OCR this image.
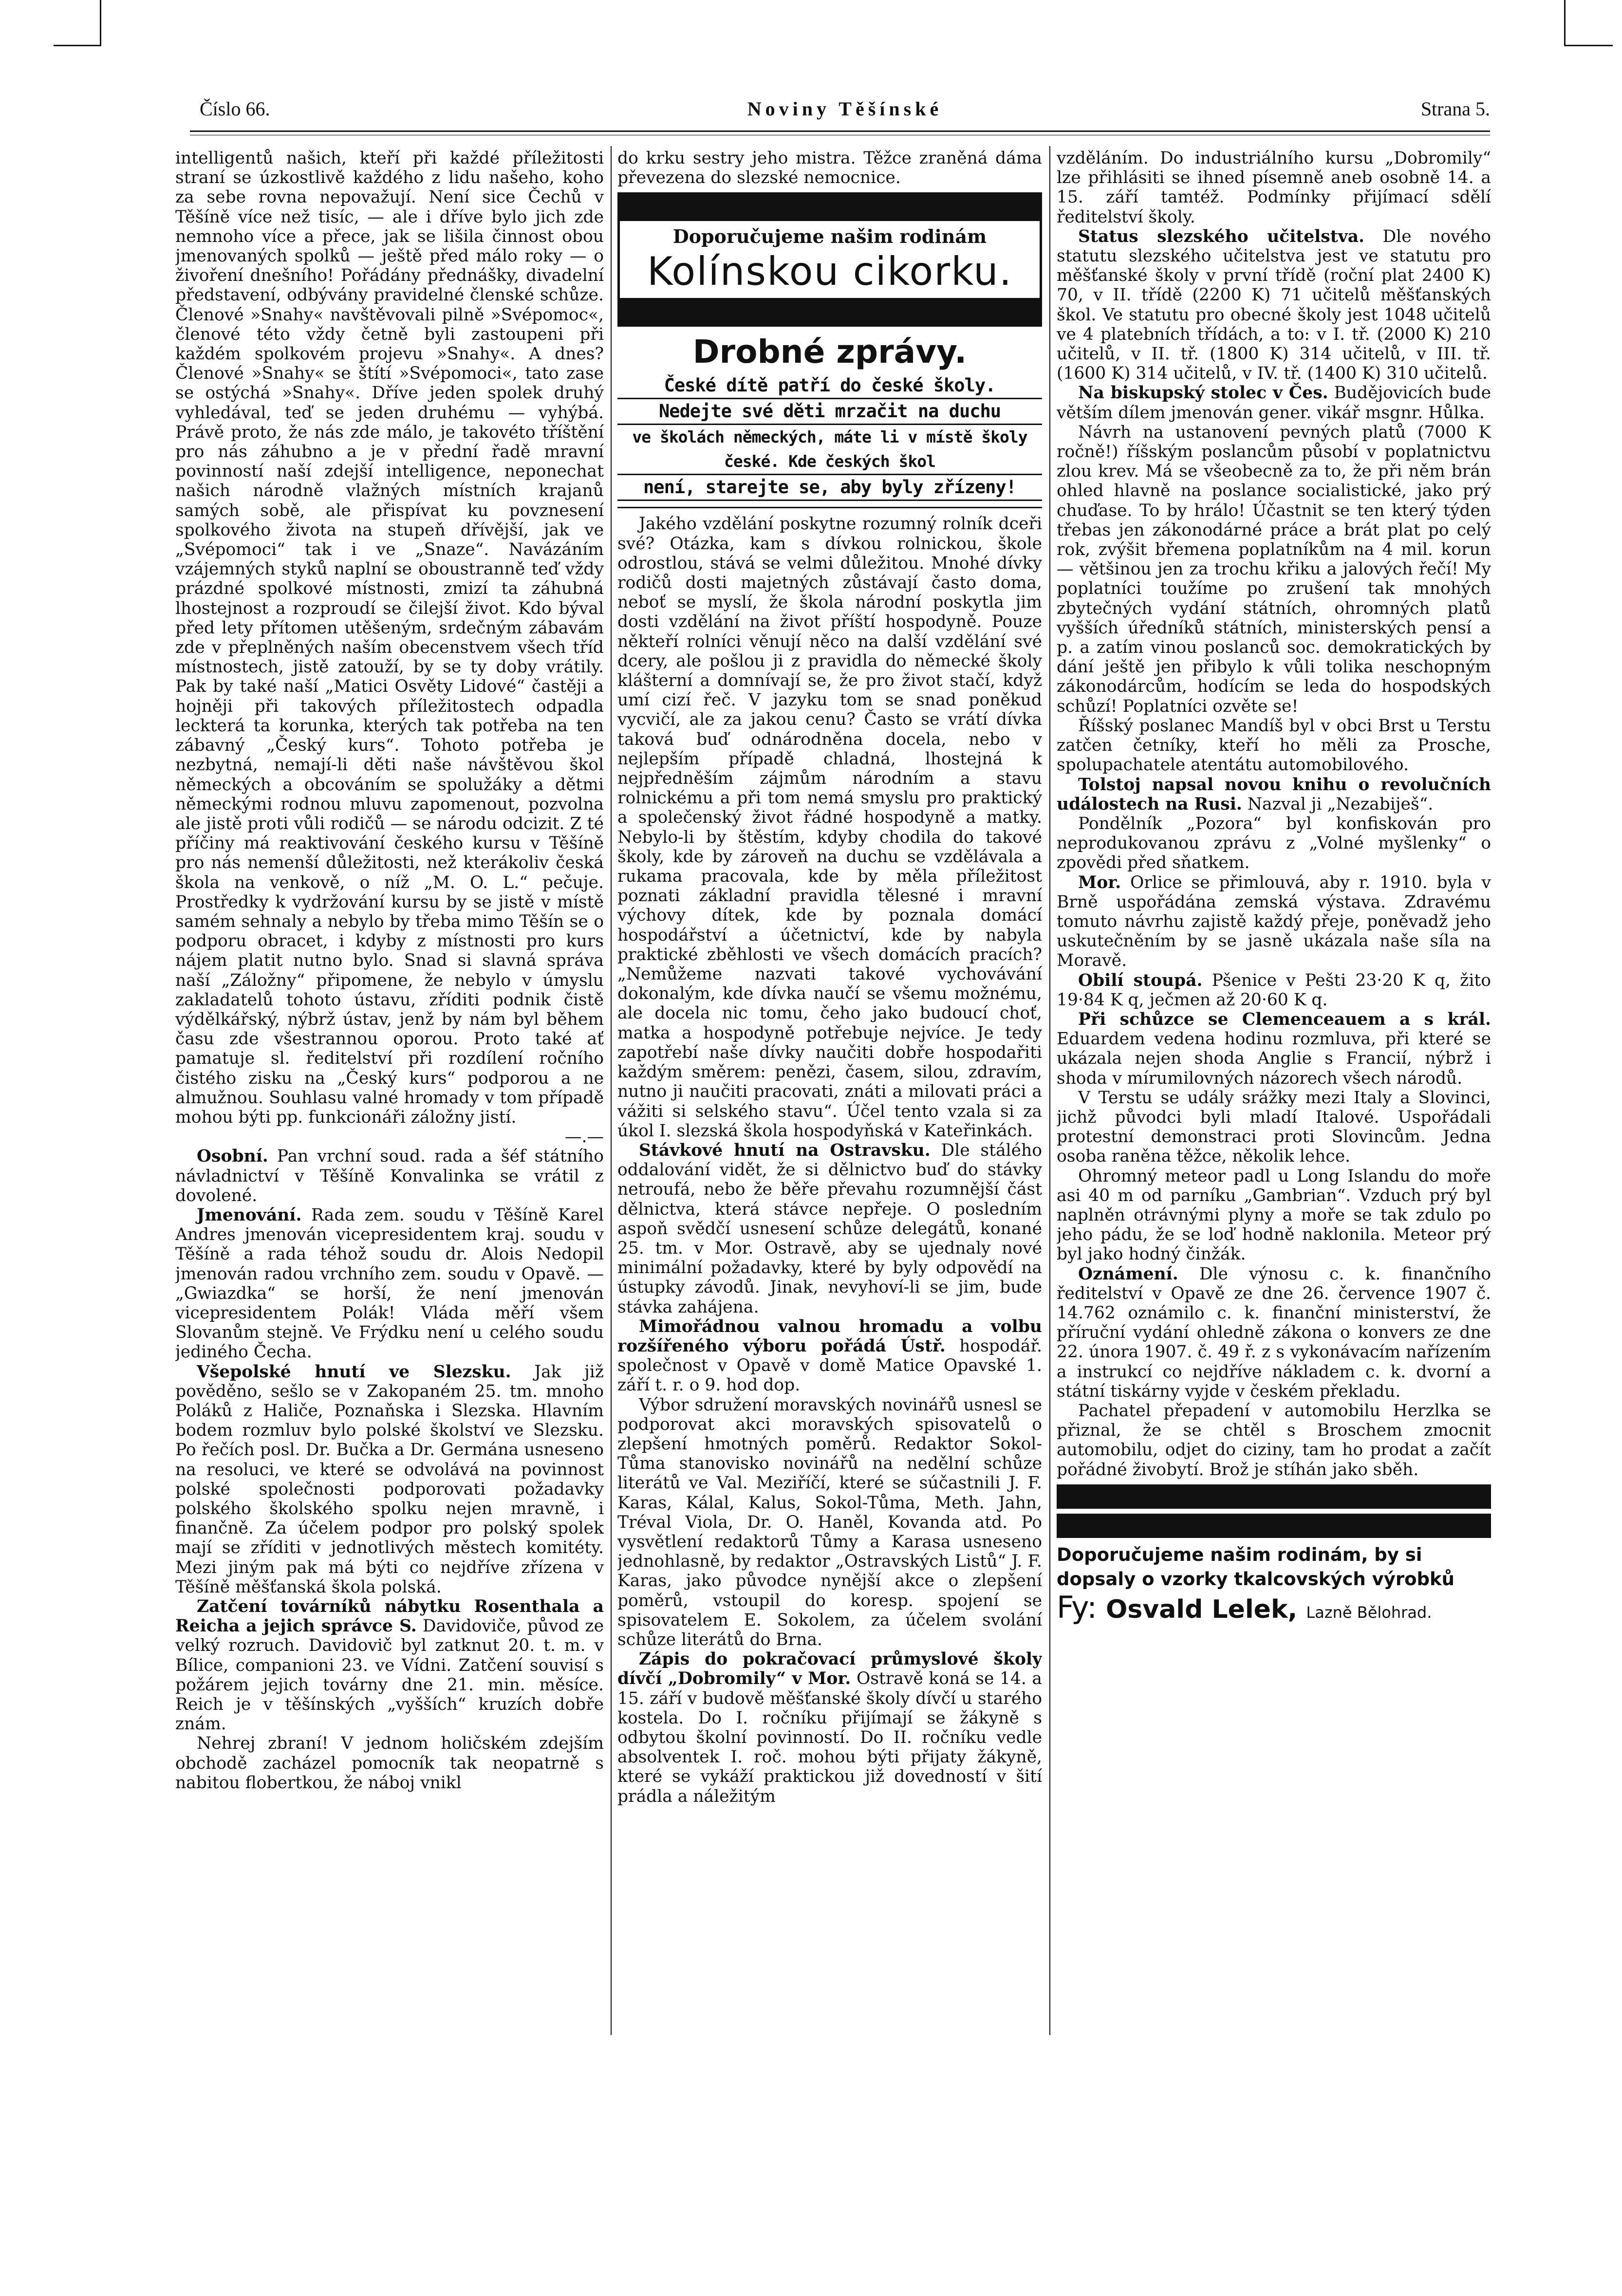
Číslo 66.	Noviny Těšínské	Strana 5.

intelligentů našich, kteří při každé příležitosti straní se úzkostlivě každého z lidu našeho, koho za sebe rovna nepovažují. Není sice Čechů v Těšíně více než tisíc, — ale i dříve bylo jich zde nemnoho více a přece, jak se lišila činnost obou jmenovaných spolků — ještě před málo roky — o živoření dnešního! Pořádány přednášky, divadelní představení, odbývány pravidelné členské schůze. Členové »Snahy« navštěvovali pilně »Svépomoc«, členové této vždy četně byli zastoupeni při každém spolkovém projevu »Snahy«. A dnes? Členové »Snahy« se štítí »Svépomoci«, tato zase se ostýchá »Snahy«. Dříve jeden spolek druhý vyhledával, teď se jeden druhému — vyhýbá. Právě proto, že nás zde málo, je takovéto tříštění pro nás záhubno a je v přední řadě mravní povinností naší zdejší intelligence, neponechat našich národně vlažných místních krajanů samých sobě, ale přispívat ku povznesení spolkového života na stupeň dřívější, jak ve „Svépomoci“ tak i ve „Snaze“. Navázáním vzájemných styků naplní se oboustranně teď vždy prázdné spolkové místnosti, zmizí ta záhubná lhostejnost a rozproudí se čilejší život. Kdo býval před lety přítomen utěšeným, srdečným zábavám zde v přeplněných naším obecenstvem všech tříd místnostech, jistě zatouží, by se ty doby vrátily. Pak by také naší „Matici Osvěty Lidové“ častěji a hojněji při takových příležitostech odpadla leckterá ta korunka, kterých tak potřeba na ten zábavný „Český kurs“. Tohoto potřeba je nezbytná, nemají-li děti naše návštěvou škol německých a obcováním se spolužáky a dětmi německými rodnou mluvu zapomenout, pozvolna ale jistě proti vůli rodičů — se národu odcizit. Z té příčiny má reaktivování českého kursu v Těšíně pro nás nemenší důležitosti, než kterákoliv česká škola na venkově, o níž „M. O. L.“ pečuje. Prostředky k vydržování kursu by se jistě v místě samém sehnaly a nebylo by třeba mimo Těšín se o podporu obracet, i kdyby z místnosti pro kurs nájem platit nutno bylo. Snad si slavná správa naší „Záložny“ připomene, že nebylo v úmyslu zakladatelů tohoto ústavu, zříditi podnik čistě výdělkářský, nýbrž ústav, jenž by nám byl během času zde všestrannou oporou. Proto také ať pamatuje sl. ředitelství při rozdílení ročního čistého zisku na „Český kurs“ podporou a ne almužnou. Souhlasu valné hromady v tom případě mohou býti pp. funkcionáři záložny jistí.

—.—

Osobní. Pan vrchní soud. rada a šéf státního návladnictví v Těšíně Konvalinka se vrátil z dovolené.

Jmenování. Rada zem. soudu v Těšíně Karel Andres jmenován vicepresidentem kraj. soudu v Těšíně a rada téhož soudu dr. Alois Nedopil jmenován radou vrchního zem. soudu v Opavě. — „Gwiazdka“ se horší, že není jmenován vicepresidentem Polák! Vláda měří všem Slovanům stejně. Ve Frýdku není u celého soudu jediného Čecha.

Všepolské hnutí ve Slezsku. Jak již pověděno, sešlo se v Zakopaném 25. tm. mnoho Poláků z Haliče, Poznaňska i Slezska. Hlavním bodem rozmluv bylo polské školství ve Slezsku. Po řečích posl. Dr. Bučka a Dr. Germána usneseno na resoluci, ve které se odvolává na povinnost polské společnosti podporovati požadavky polského školského spolku nejen mravně, i finančně. Za účelem podpor pro polský spolek mají se zříditi v jednotlivých městech komitéty. Mezi jiným pak má býti co nejdříve zřízena v Těšíně měšťanská škola polská.

Zatčení továrníků nábytku Rosenthala a Reicha a jejich správce S. Davidoviče, původ ze velký rozruch. Davidovič byl zatknut 20. t. m. v Bílice, companioni 23. ve Vídni. Zatčení souvisí s požárem jejich továrny dne 21. min. měsíce. Reich je v těšínských „vyšších“ kruzích dobře znám.

Nehrej zbraní! V jednom holičském zdejším obchodě zacházel pomocník tak neopatrně s nabitou flobertkou, že náboj vnikl

do krku sestry jeho mistra. Těžce zraněná dáma převezena do slezské nemocnice.

Doporučujeme našim rodinám
Kolínskou cikorku.
Drobné zprávy.
České dítě patří do české školy.
Nedejte své děti mrzačit na duchu
ve školách německých, máte li v místě školy české. Kde českých škol
není, starejte se, aby byly zřízeny!

Jakého vzdělání poskytne rozumný rolník dceři své? Otázka, kam s dívkou rolnickou, škole odrostlou, stává se velmi důležitou. Mnohé dívky rodičů dosti majetných zůstávají často doma, neboť se myslí, že škola národní poskytla jim dosti vzdělání na život příští hospodyně. Pouze někteří rolníci věnují něco na další vzdělání své dcery, ale pošlou ji z pravidla do německé školy klášterní a domnívají se, že pro život stačí, když umí cizí řeč. V jazyku tom se snad poněkud vycvičí, ale za jakou cenu? Často se vrátí dívka taková buď odnárodněna docela, nebo v nejlepším případě chladná, lhostejná k nejpředněším zájmům národním a stavu rolnickému a při tom nemá smyslu pro praktický a společenský život řádné hospodyně a matky. Nebylo-li by štěstím, kdyby chodila do takové školy, kde by zároveň na duchu se vzdělávala a rukama pracovala, kde by měla příležitost poznati základní pravidla tělesné i mravní výchovy dítek, kde by poznala domácí hospodářství a účetnictví, kde by nabyla praktické zběhlosti ve všech domácích pracích? „Nemůžeme nazvati takové vychovávání dokonalým, kde dívka naučí se všemu možnému, ale docela nic tomu, čeho jako budoucí choť, matka a hospodyně potřebuje nejvíce. Je tedy zapotřebí naše dívky naučiti dobře hospodařiti každým směrem: penězi, časem, silou, zdravím, nutno ji naučiti pracovati, znáti a milovati práci a vážiti si selského stavu“. Účel tento vzala si za úkol I. slezská škola hospodyňská v Kateřinkách.

Stávkové hnutí na Ostravsku. Dle stálého oddalování vidět, že si dělnictvo buď do stávky netroufá, nebo že běře převahu rozumnější část dělnictva, která stávce nepřeje. O posledním aspoň svědčí usnesení schůze delegátů, konané 25. tm. v Mor. Ostravě, aby se ujednaly nové minimální požadavky, které by byly odpovědí na ústupky závodů. Jinak, nevyhoví-li se jim, bude stávka zahájena.

Mimořádnou valnou hromadu a volbu rozšířeného výboru pořádá Ústř. hospodář. společnost v Opavě v domě Matice Opavské 1. září t. r. o 9. hod dop.

Výbor sdružení moravských novinářů usnesl se podporovat akci moravských spisovatelů o zlepšení hmotných poměrů. Redaktor Sokol-Tůma stanovisko novinářů na nedělní schůze literátů ve Val. Meziříčí, které se súčastnili J. F. Karas, Kálal, Kalus, Sokol-Tůma, Meth. Jahn, Tréval Viola, Dr. O. Haněl, Kovanda atd. Po vysvětlení redaktorů Tůmy a Karasa usneseno jednohlasně, by redaktor „Ostravských Listů“ J. F. Karas, jako původce nynější akce o zlepšení poměrů, vstoupil do koresp. spojení se spisovatelem E. Sokolem, za účelem svolání schůze literátů do Brna.

Zápis do pokračovací průmyslové školy dívčí „Dobromily“ v Mor. Ostravě koná se 14. a 15. září v budově měšťanské školy dívčí u starého kostela. Do I. ročníku přijímají se žákyně s odbytou školní povinností. Do II. ročníku vedle absolventek I. roč. mohou býti přijaty žákyně, které se vykáží praktickou již dovedností v šití prádla a náležitým

vzděláním. Do industriálního kursu „Dobromily“ lze přihlásiti se ihned písemně aneb osobně 14. a 15. září tamtéž. Podmínky přijímací sdělí ředitelství školy.

Status slezského učitelstva. Dle nového statutu slezského učitelstva jest ve statutu pro měšťanské školy v první třídě (roční plat 2400 K) 70, v II. třídě (2200 K) 71 učitelů měšťanských škol. Ve statutu pro obecné školy jest 1048 učitelů ve 4 platebních třídách, a to: v I. tř. (2000 K) 210 učitelů, v II. tř. (1800 K) 314 učitelů, v III. tř. (1600 K) 314 učitelů, v IV. tř. (1400 K) 310 učitelů.

Na biskupský stolec v Čes. Budějovicích bude větším dílem jmenován gener. vikář msgnr. Hůlka.

Návrh na ustanovení pevných platů (7000 K ročně!) říšským poslancům působí v poplatnictvu zlou krev. Má se všeobecně za to, že při něm brán ohled hlavně na poslance socialistické, jako prý chuďase. To by hrálo! Účastnit se ten který týden třebas jen zákonodárné práce a brát plat po celý rok, zvýšit břemena poplatníkům na 4 mil. korun — většinou jen za trochu křiku a jalových řečí! My poplatníci toužíme po zrušení tak mnohých zbytečných vydání státních, ohromných platů vyšších úředníků státních, ministerských pensí a p. a zatím vinou poslanců soc. demokratických by dání ještě jen přibylo k vůli tolika neschopným zákonodárcům, hodícím se leda do hospodských schůzí! Poplatníci ozvěte se!

Říšský poslanec Mandíš byl v obci Brst u Terstu zatčen četníky, kteří ho měli za Prosche, spolupachatele atentátu automobilového.

Tolstoj napsal novou knihu o revolučních událostech na Rusi. Nazval ji „Nezabiješ“.

Pondělník „Pozora“ byl konfiskován pro neprodukovanou zprávu z „Volné myšlenky“ o zpovědi před sňatkem.

Mor. Orlice se přimlouvá, aby r. 1910. byla v Brně uspořádána zemská výstava. Zdravému tomuto návrhu zajistě každý přeje, poněvadž jeho uskutečněním by se jasně ukázala naše síla na Moravě.

Obilí stoupá. Pšenice v Pešti 23·20 K q, žito 19·84 K q, ječmen až 20·60 K q.

Při schůzce se Clemenceauem a s král. Eduardem vedena hodinu rozmluva, při které se ukázala nejen shoda Anglie s Francií, nýbrž i shoda v mírumilovných názorech všech národů.

V Terstu se udály srážky mezi Italy a Slovinci, jichž původci byli mladí Italové. Uspořádali protestní demonstraci proti Slovincům. Jedna osoba raněna těžce, několik lehce.

Ohromný meteor padl u Long Islandu do moře asi 40 m od parníku „Gambrian“. Vzduch prý byl naplněn otrávnými plyny a moře se tak zdulo po jeho pádu, že se loď hodně naklonila. Meteor prý byl jako hodný činžák.

Oznámení. Dle výnosu c. k. finančního ředitelství v Opavě ze dne 26. července 1907 č. 14.762 oznámilo c. k. finanční ministerství, že příruční vydání ohledně zákona o konvers ze dne 22. února 1907. č. 49 ř. z s vykonávacím nařízením a instrukcí co nejdříve nákladem c. k. dvorní a státní tiskárny vyjde v českém překladu.

Pachatel přepadení v automobilu Herzlka se přiznal, že se chtěl s Broschem zmocnit automobilu, odjet do ciziny, tam ho prodat a začít pořádné živobytí. Brož je stíhán jako sběh.

Doporučujeme našim rodinám, by si dopsaly o vzorky tkalcovských výrobků
Fy: Osvald Lelek, Lazně Bělohrad.
